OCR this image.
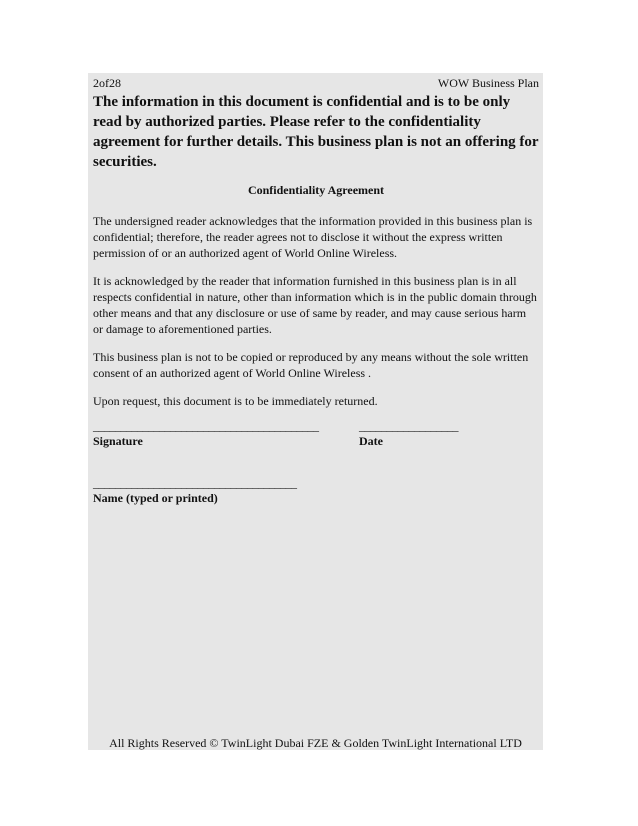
2of28	WOW Business Plan
The information in this document is confidential and is to be only read by authorized parties. Please refer to the confidentiality agreement for further details. This business plan is not an offering for securities.
Confidentiality Agreement
The undersigned reader acknowledges that the information provided in this business plan is confidential; therefore, the reader agrees not to disclose it without the express written permission of or an authorized agent of World Online Wireless.
It is acknowledged by the reader that information furnished in this business plan is in all respects confidential in nature, other than information which is in the public domain through other means and that any disclosure or use of same by reader, and may cause serious harm or damage to aforementioned parties.
This business plan is not to be copied or reproduced by any means without the sole written consent of an authorized agent of World Online Wireless .
Upon request, this document is to be immediately returned.
_________________________________________
Signature
__________________
Date
_____________________________________
Name (typed or printed)
All Rights Reserved © TwinLight Dubai FZE & Golden TwinLight International LTD
